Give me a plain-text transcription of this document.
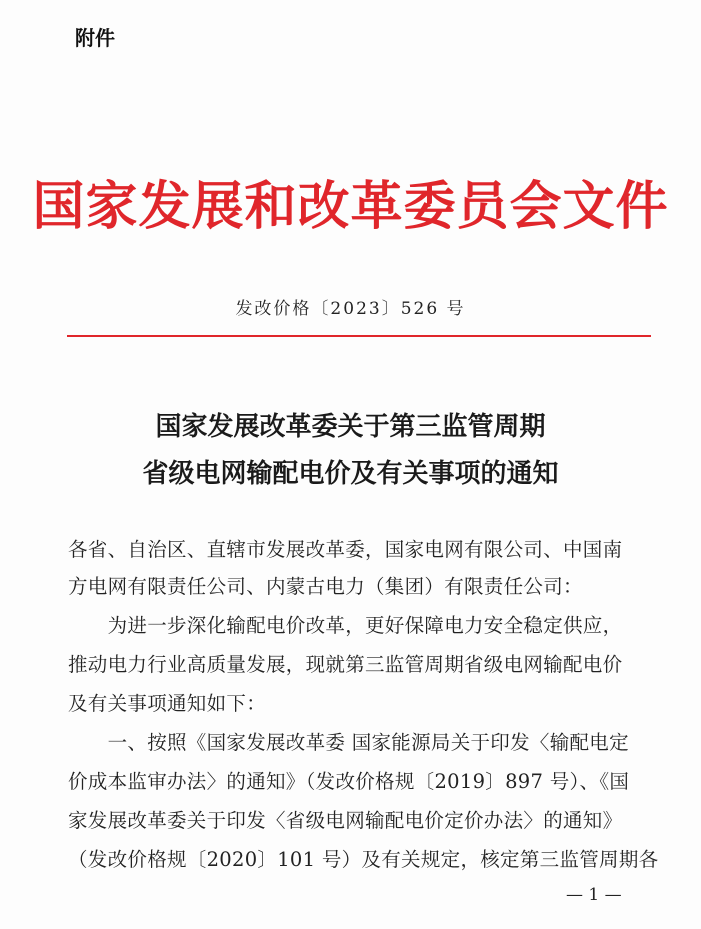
附件
国家发展和改革委员会文件
发改价格〔2023〕526 号
国家发展改革委关于第三监管周期
省级电网输配电价及有关事项的通知
各省、自治区、直辖市发展改革委，国家电网有限公司、中国南
方电网有限责任公司、内蒙古电力（集团）有限责任公司：
　　为进一步深化输配电价改革，更好保障电力安全稳定供应，
推动电力行业高质量发展，现就第三监管周期省级电网输配电价
及有关事项通知如下：
　　一、按照《国家发展改革委 国家能源局关于印发〈输配电定
价成本监审办法〉的通知》（发改价格规〔2019〕897 号）、《国
家发展改革委关于印发〈省级电网输配电价定价办法〉的通知》
（发改价格规〔2020〕101 号）及有关规定，核定第三监管周期各
— 1 —
